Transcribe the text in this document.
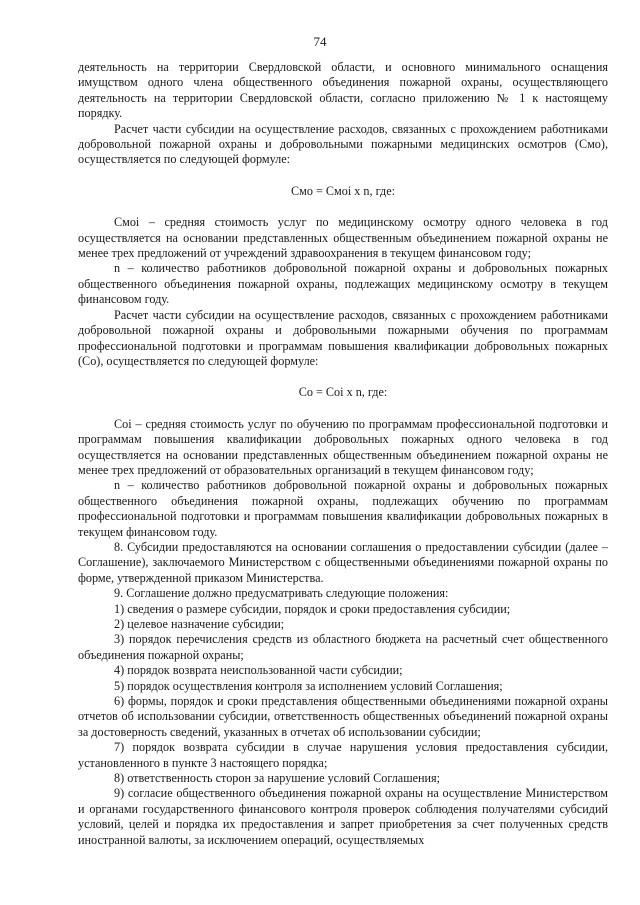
74

деятельность на территории Свердловской области, и основного минимального оснащения имущством одного члена общественного объединения пожарной охраны, осуществляющего деятельность на территории Свердловской области, согласно приложению № 1 к настоящему порядку.

Расчет части субсидии на осуществление расходов, связанных с прохождением работниками добровольной пожарной охраны и добровольными пожарными медицинских осмотров (Смо), осуществляется по следующей формуле:

Смо = Смоi х n, где:

Смоi – средняя стоимость услуг по медицинскому осмотру одного человека в год осуществляется на основании представленных общественным объединением пожарной охраны не менее трех предложений от учреждений здравоохранения в текущем финансовом году;

n – количество работников добровольной пожарной охраны и добровольных пожарных общественного объединения пожарной охраны, подлежащих медицинскому осмотру в текущем финансовом году.

Расчет части субсидии на осуществление расходов, связанных с прохождением работниками добровольной пожарной охраны и добровольными пожарными обучения по программам профессиональной подготовки и программам повышения квалификации добровольных пожарных (Со), осуществляется по следующей формуле:

Со = Соi х n, где:

Соi – средняя стоимость услуг по обучению по программам профессиональной подготовки и программам повышения квалификации добровольных пожарных одного человека в год осуществляется на основании представленных общественным объединением пожарной охраны не менее трех предложений от образовательных организаций в текущем финансовом году;

n – количество работников добровольной пожарной охраны и добровольных пожарных общественного объединения пожарной охраны, подлежащих обучению по программам профессиональной подготовки и программам повышения квалификации добровольных пожарных в текущем финансовом году.

8. Субсидии предоставляются на основании соглашения о предоставлении субсидии (далее – Соглашение), заключаемого Министерством с общественными объединениями пожарной охраны по форме, утвержденной приказом Министерства.

9. Соглашение должно предусматривать следующие положения:

1) сведения о размере субсидии, порядок и сроки предоставления субсидии;

2) целевое назначение субсидии;

3) порядок перечисления средств из областного бюджета на расчетный счет общественного объединения пожарной охраны;

4) порядок возврата неиспользованной части субсидии;

5) порядок осуществления контроля за исполнением условий Соглашения;

6) формы, порядок и сроки представления общественными объединениями пожарной охраны отчетов об использовании субсидии, ответственность общественных объединений пожарной охраны за достоверность сведений, указанных в отчетах об использовании субсидии;

7) порядок возврата субсидии в случае нарушения условия предоставления субсидии, установленного в пункте 3 настоящего порядка;

8) ответственность сторон за нарушение условий Соглашения;

9) согласие общественного объединения пожарной охраны на осуществление Министерством и органами государственного финансового контроля проверок соблюдения получателями субсидий условий, целей и порядка их предоставления и запрет приобретения за счет полученных средств иностранной валюты, за исключением операций, осуществляемых
